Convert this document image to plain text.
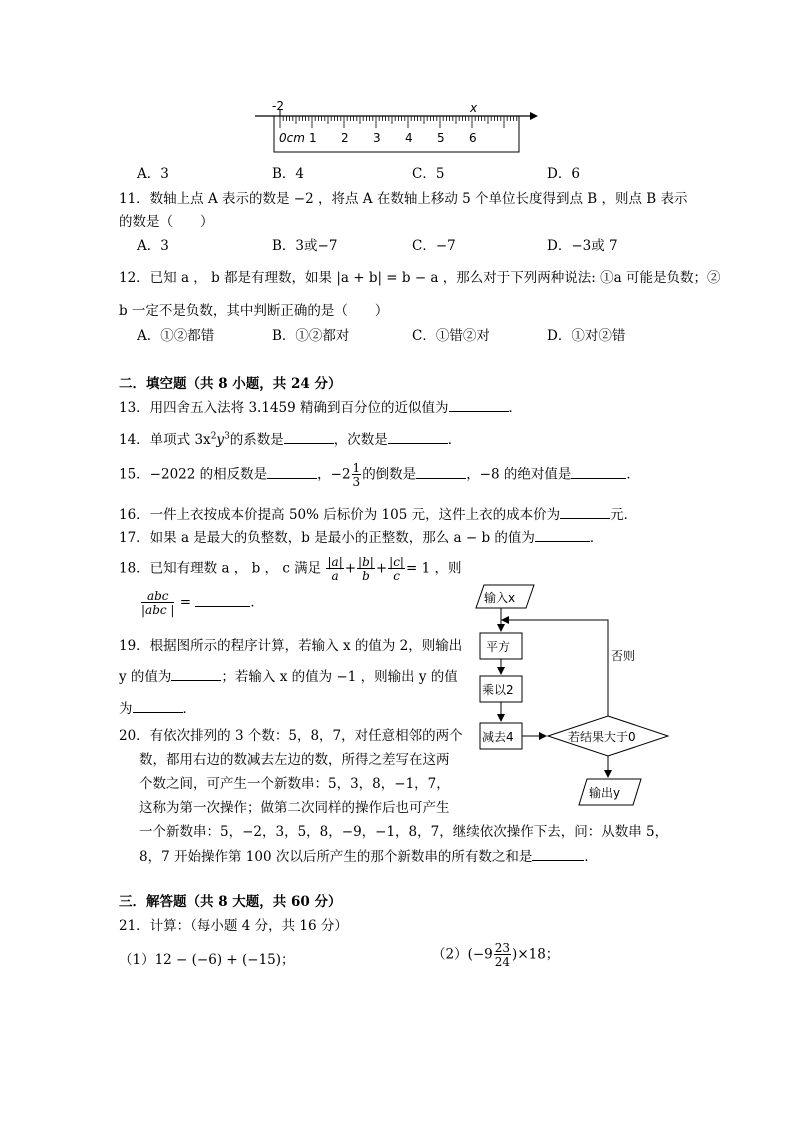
-2	x
0cm 1 2 3 4 5 6
A．3	B．4	C．5	D．6
11．数轴上点 A 表示的数是 −2 ，将点 A 在数轴上移动 5 个单位长度得到点 B ，则点 B 表示
的数是（　　）
A．3	B．3或−7	C．−7	D．−3或 7
12．已知 a ， b 都是有理数，如果 |a + b| = b − a ，那么对于下列两种说法: ①a 可能是负数；②
b 一定不是负数，其中判断正确的是（　　）
A．①②都错	B．①②都对	C．①错②对	D．①对②错
二．填空题（共 8 小题，共 24 分）
13．用四舍五入法将 3.1459 精确到百分位的近似值为	．
14．单项式 $3x^2y^3$的系数是	，次数是	．
15．−2022 的相反数是	，$-2 \frac{1}{3}$ 的倒数是	，−8 的绝对值是	．
16．一件上衣按成本价提高 50% 后标价为 105 元，这件上衣的成本价为	元．
17．如果 a 是最大的负整数，b 是最小的正整数，那么 a − b 的值为	．
18．已知有理数 a ， b ， c 满足 $\frac{|a|}{a} + \frac{|b|}{b} + \frac{|c|}{c} = 1$ ，则
$\frac{\text{abc}}{\text{|abc |}}$ =	．
19．根据图所示的程序计算，若输入 x 的值为 2，则输出
y 的值为	；若输入 x 的值为 −1 ，则输出 y 的值
为	．
20．有依次排列的 3 个数：5，8，7，对任意相邻的两个
数，都用右边的数减去左边的数，所得之差写在这两
个数之间，可产生一个新数串：5，3，8，−1，7，
这称为第一次操作；做第二次同样的操作后也可产生
一个新数串：5，−2，3，5，8，−9，−1，8，7，继续依次操作下去，问：从数串 5，
8，7 开始操作第 100 次以后所产生的那个新数串的所有数之和是	．
输入x
平方
乘以2
减去4	若结果大于0
否则
输出y
三．解答题（共 8 大题，共 60 分）
21．计算：（每小题 4 分，共 16 分）
（1）12 − (−6) + (−15)；	$(2)(-9 \frac{23}{24} )\times 18$；
